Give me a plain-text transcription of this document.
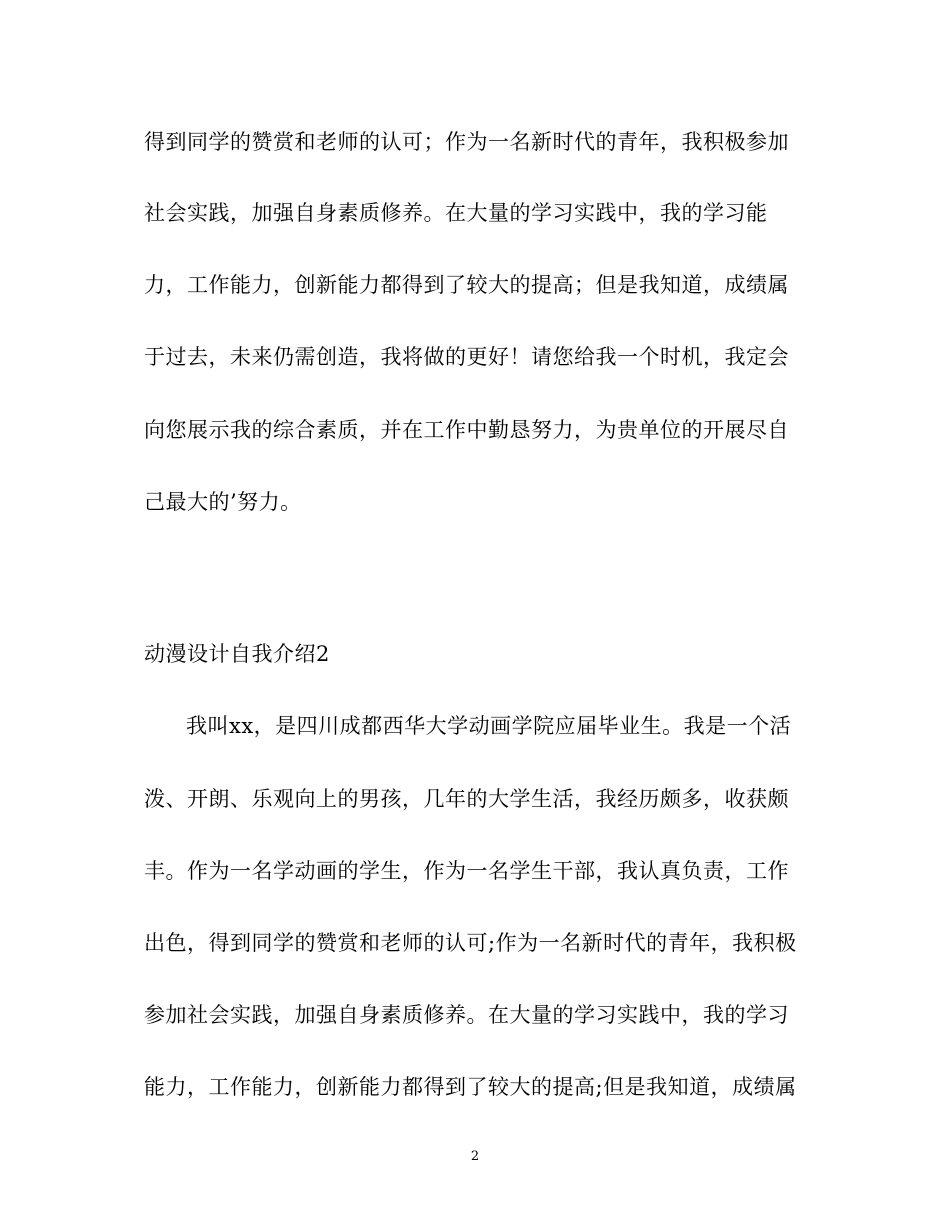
得到同学的赞赏和老师的认可；作为一名新时代的青年，我积极参加
社会实践，加强自身素质修养。在大量的学习实践中，我的学习能
力，工作能力，创新能力都得到了较大的提高；但是我知道，成绩属
于过去，未来仍需创造，我将做的更好！请您给我一个时机，我定会
向您展示我的综合素质，并在工作中勤恳努力，为贵单位的开展尽自
己最大的’努力。
动漫设计自我介绍2
我叫xx，是四川成都西华大学动画学院应届毕业生。我是一个活
泼、开朗、乐观向上的男孩，几年的大学生活，我经历颇多，收获颇
丰。作为一名学动画的学生，作为一名学生干部，我认真负责，工作
出色，得到同学的赞赏和老师的认可;作为一名新时代的青年，我积极
参加社会实践，加强自身素质修养。在大量的学习实践中，我的学习
能力，工作能力，创新能力都得到了较大的提高;但是我知道，成绩属
2
